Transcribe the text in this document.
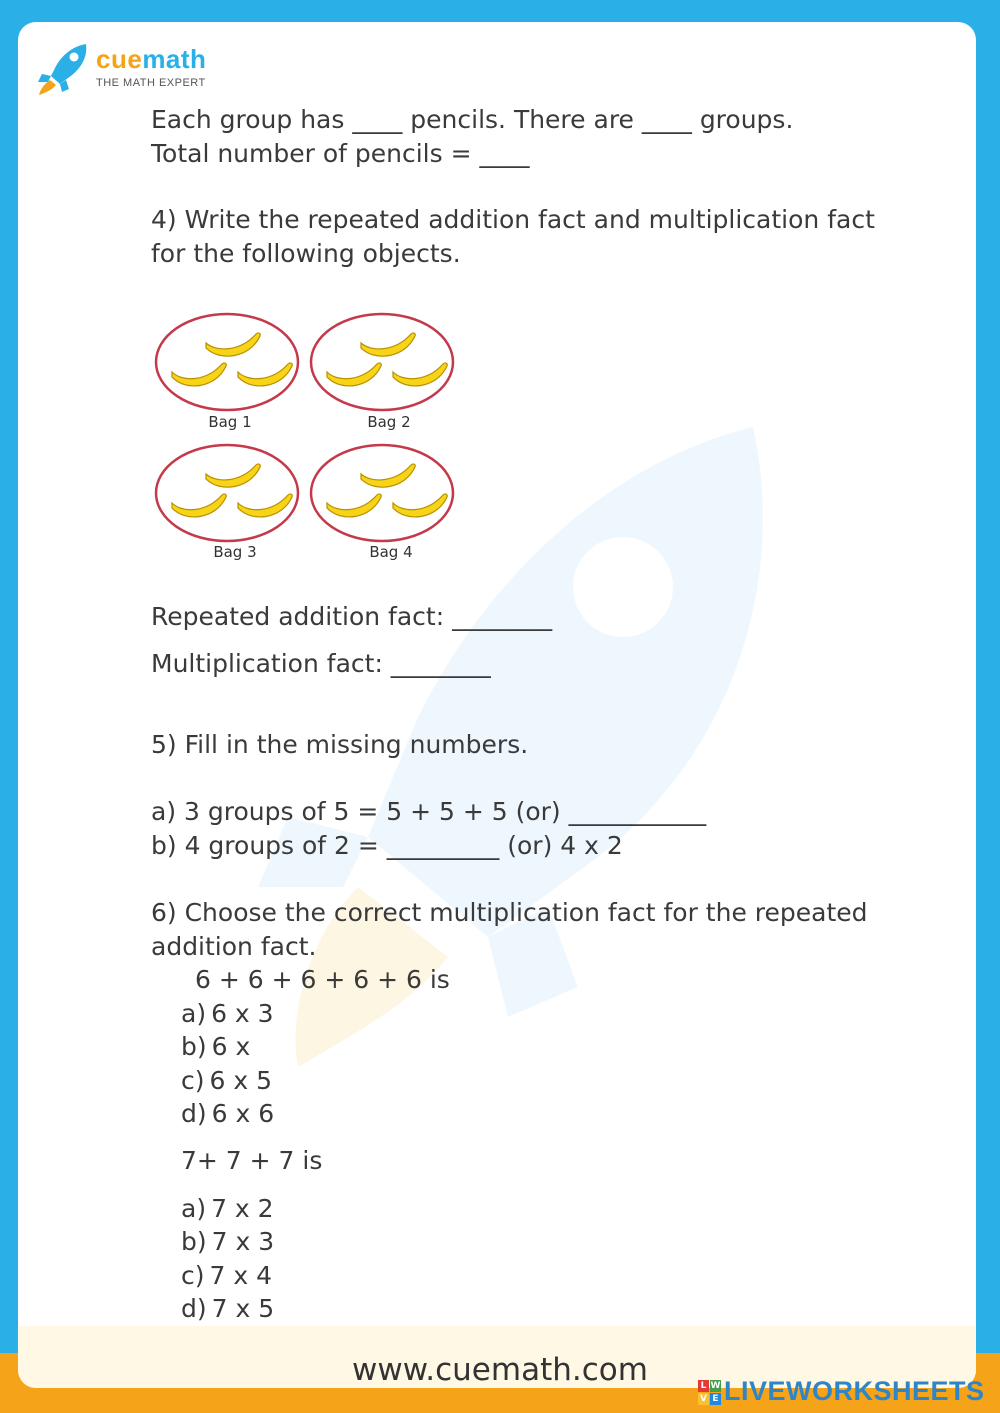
cuemath
THE MATH EXPERT
Each group has ____ pencils. There are ____ groups.
Total number of pencils = ____
4) Write the repeated addition fact and multiplication fact
for the following objects.
Repeated addition fact: ________
Multiplication fact: ________
5) Fill in the missing numbers.
a) 3 groups of 5 = 5 + 5 + 5 (or) ___________
b) 4 groups of 2 = _________ (or) 4 x 2
6) Choose the correct multiplication fact for the repeated
addition fact.
6 + 6 + 6 + 6 + 6 is
a) 6 x 3
b) 6 x
c) 6 x 5
d) 6 x 6
7+ 7 + 7 is
a) 7 x 2
b) 7 x 3
c) 7 x 4
d) 7 x 5
Bag 1	Bag 2
Bag 3	Bag 4
www.cuemath.com	L W
V E LIVEWORKSHEETS
